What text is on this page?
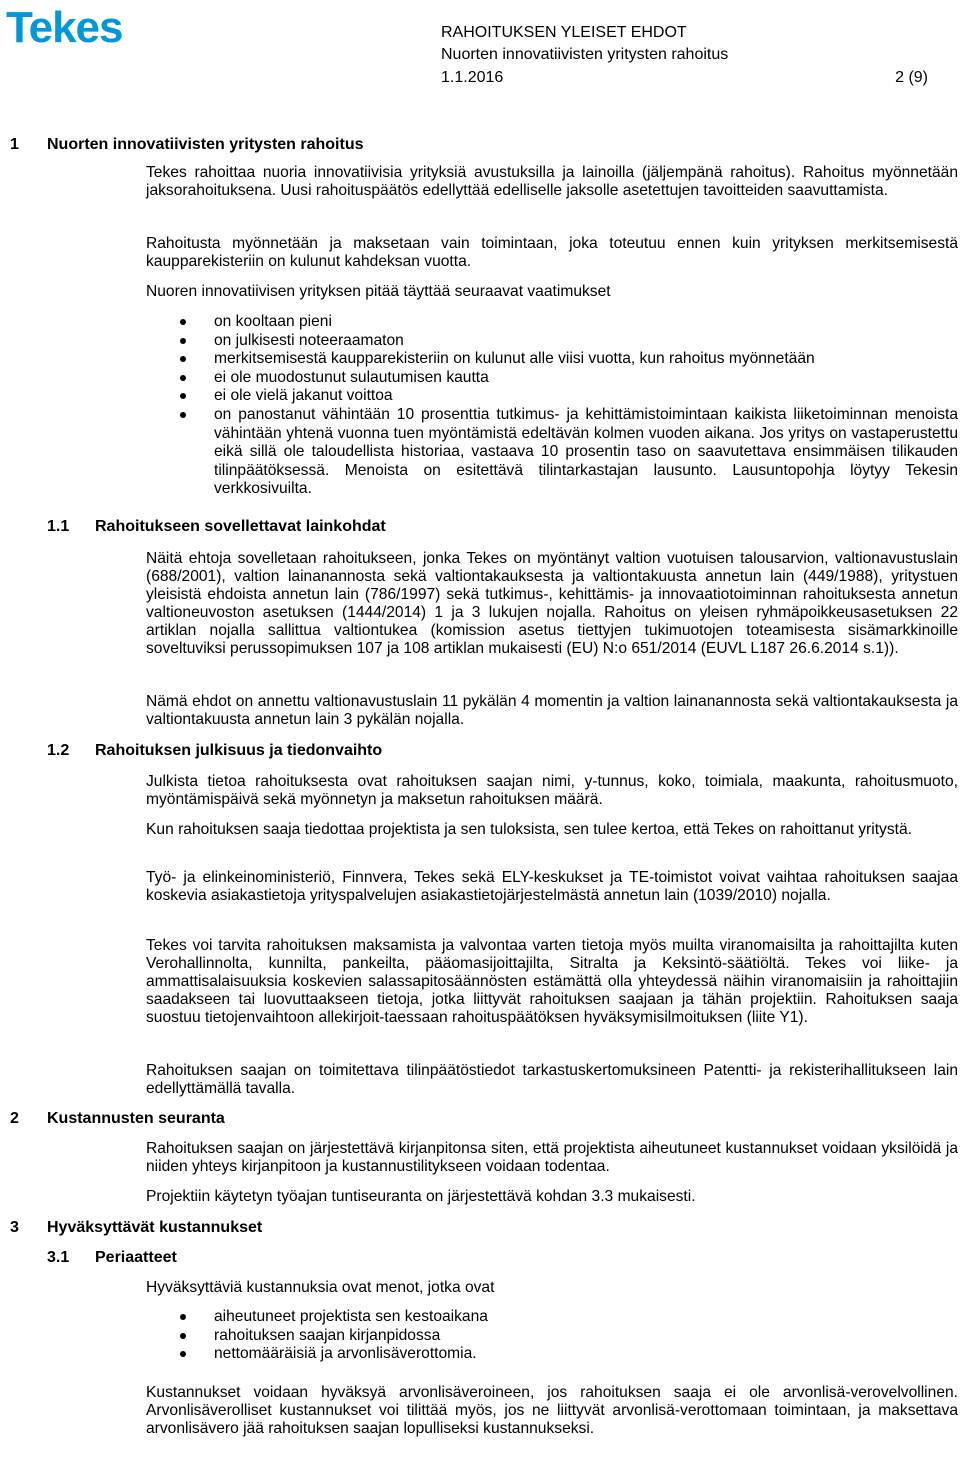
Tekes	RAHOITUKSEN YLEISET EHDOT
Nuorten innovatiivisten yritysten rahoitus
1.1.2016	2 (9)
1 Nuorten innovatiivisten yritysten rahoitus

Tekes rahoittaa nuoria innovatiivisia yrityksiä avustuksilla ja lainoilla (jäljempänä rahoitus). Rahoitus myönnetään jaksorahoituksena. Uusi rahoituspäätös edellyttää edelliselle jaksolle asetettujen tavoitteiden saavuttamista.

Rahoitusta myönnetään ja maksetaan vain toimintaan, joka toteutuu ennen kuin yrityksen merkitsemisestä kaupparekisteriin on kulunut kahdeksan vuotta.

Nuoren innovatiivisen yrityksen pitää täyttää seuraavat vaatimukset

on kooltaan pieni
on julkisesti noteeraamaton
merkitsemisestä kaupparekisteriin on kulunut alle viisi vuotta, kun rahoitus myönnetään
ei ole muodostunut sulautumisen kautta
ei ole vielä jakanut voittoa
on panostanut vähintään 10 prosenttia tutkimus- ja kehittämistoimintaan kaikista liiketoiminnan menoista vähintään yhtenä vuonna tuen myöntämistä edeltävän kolmen vuoden aikana. Jos yritys on vastaperustettu eikä sillä ole taloudellista historiaa, vastaava 10 prosentin taso on saavutettava ensimmäisen tilikauden tilinpäätöksessä. Menoista on esitettävä tilintarkastajan lausunto. Lausuntopohja löytyy Tekesin verkkosivuilta.
1.1 Rahoitukseen sovellettavat lainkohdat

Näitä ehtoja sovelletaan rahoitukseen, jonka Tekes on myöntänyt valtion vuotuisen talousarvion, valtionavustuslain (688/2001), valtion lainanannosta sekä valtiontakauksesta ja valtiontakuusta annetun lain (449/1988), yritystuen yleisistä ehdoista annetun lain (786/1997) sekä tutkimus-, kehittämis- ja innovaatiotoiminnan rahoituksesta annetun valtioneuvoston asetuksen (1444/2014) 1 ja 3 lukujen nojalla. Rahoitus on yleisen ryhmäpoikkeusasetuksen 22 artiklan nojalla sallittua valtiontukea (komission asetus tiettyjen tukimuotojen toteamisesta sisämarkkinoille soveltuviksi perussopimuksen 107 ja 108 artiklan mukaisesti (EU) N:o 651/2014 (EUVL L187 26.6.2014 s.1)).

Nämä ehdot on annettu valtionavustuslain 11 pykälän 4 momentin ja valtion lainanannosta sekä valtiontakauksesta ja valtiontakuusta annetun lain 3 pykälän nojalla.

1.2 Rahoituksen julkisuus ja tiedonvaihto

Julkista tietoa rahoituksesta ovat rahoituksen saajan nimi, y-tunnus, koko, toimiala, maakunta, rahoitusmuoto, myöntämispäivä sekä myönnetyn ja maksetun rahoituksen määrä.

Kun rahoituksen saaja tiedottaa projektista ja sen tuloksista, sen tulee kertoa, että Tekes on rahoittanut yritystä.

Työ- ja elinkeinoministeriö, Finnvera, Tekes sekä ELY-keskukset ja TE-toimistot voivat vaihtaa rahoituksen saajaa koskevia asiakastietoja yrityspalvelujen asiakastietojärjestelmästä annetun lain (1039/2010) nojalla.

Tekes voi tarvita rahoituksen maksamista ja valvontaa varten tietoja myös muilta viranomaisilta ja rahoittajilta kuten Verohallinnolta, kunnilta, pankeilta, pääomasijoittajilta, Sitralta ja Keksintö-säätiöltä. Tekes voi liike- ja ammattisalaisuuksia koskevien salassapitosäännösten estämättä olla yhteydessä näihin viranomaisiin ja rahoittajiin saadakseen tai luovuttaakseen tietoja, jotka liittyvät rahoituksen saajaan ja tähän projektiin. Rahoituksen saaja suostuu tietojenvaihtoon allekirjoit-taessaan rahoituspäätöksen hyväksymisilmoituksen (liite Y1).

Rahoituksen saajan on toimitettava tilinpäätöstiedot tarkastuskertomuksineen Patentti- ja rekisterihallitukseen lain edellyttämällä tavalla.

2 Kustannusten seuranta

Rahoituksen saajan on järjestettävä kirjanpitonsa siten, että projektista aiheutuneet kustannukset voidaan yksilöidä ja niiden yhteys kirjanpitoon ja kustannustilitykseen voidaan todentaa.

Projektiin käytetyn työajan tuntiseuranta on järjestettävä kohdan 3.3 mukaisesti.

3 Hyväksyttävät kustannukset
3.1 Periaatteet

Hyväksyttäviä kustannuksia ovat menot, jotka ovat

aiheutuneet projektista sen kestoaikana
rahoituksen saajan kirjanpidossa
nettomääräisiä ja arvonlisäverottomia.

Kustannukset voidaan hyväksyä arvonlisäveroineen, jos rahoituksen saaja ei ole arvonlisä-verovelvollinen. Arvonlisäverolliset kustannukset voi tilittää myös, jos ne liittyvät arvonlisä-verottomaan toimintaan, ja maksettava arvonlisävero jää rahoituksen saajan lopulliseksi kustannukseksi.
